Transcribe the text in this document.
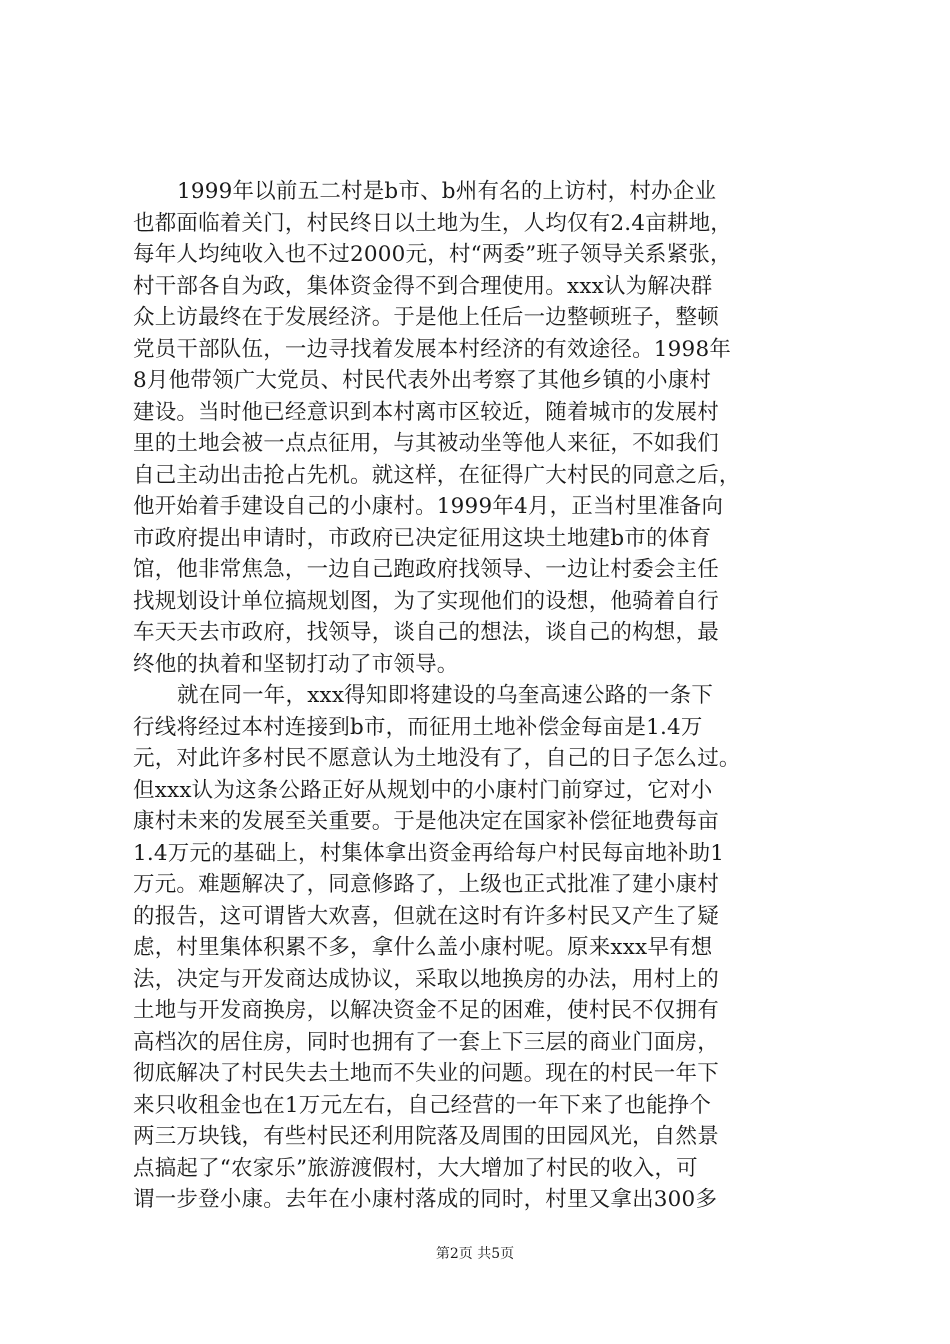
1999年以前五二村是b市、b州有名的上访村，村办企业
也都面临着关门，村民终日以土地为生，人均仅有2.4亩耕地，
每年人均纯收入也不过2000元，村“两委”班子领导关系紧张，
村干部各自为政，集体资金得不到合理使用。xxx认为解决群
众上访最终在于发展经济。于是他上任后一边整顿班子，整顿
党员干部队伍，一边寻找着发展本村经济的有效途径。1998年
8月他带领广大党员、村民代表外出考察了其他乡镇的小康村
建设。当时他已经意识到本村离市区较近，随着城市的发展村
里的土地会被一点点征用，与其被动坐等他人来征，不如我们
自己主动出击抢占先机。就这样，在征得广大村民的同意之后，
他开始着手建设自己的小康村。1999年4月，正当村里准备向
市政府提出申请时，市政府已决定征用这块土地建b市的体育
馆，他非常焦急，一边自己跑政府找领导、一边让村委会主任
找规划设计单位搞规划图，为了实现他们的设想，他骑着自行
车天天去市政府，找领导，谈自己的想法，谈自己的构想，最
终他的执着和坚韧打动了市领导。
就在同一年，xxx得知即将建设的乌奎高速公路的一条下
行线将经过本村连接到b市，而征用土地补偿金每亩是1.4万
元，对此许多村民不愿意认为土地没有了，自己的日子怎么过。
但xxx认为这条公路正好从规划中的小康村门前穿过，它对小
康村未来的发展至关重要。于是他决定在国家补偿征地费每亩
1.4万元的基础上，村集体拿出资金再给每户村民每亩地补助1
万元。难题解决了，同意修路了，上级也正式批准了建小康村
的报告，这可谓皆大欢喜，但就在这时有许多村民又产生了疑
虑，村里集体积累不多，拿什么盖小康村呢。原来xxx早有想
法，决定与开发商达成协议，采取以地换房的办法，用村上的
土地与开发商换房，以解决资金不足的困难，使村民不仅拥有
高档次的居住房，同时也拥有了一套上下三层的商业门面房，
彻底解决了村民失去土地而不失业的问题。现在的村民一年下
来只收租金也在1万元左右，自己经营的一年下来了也能挣个
两三万块钱，有些村民还利用院落及周围的田园风光，自然景
点搞起了“农家乐”旅游渡假村，大大增加了村民的收入，可
谓一步登小康。去年在小康村落成的同时，村里又拿出300多
第2页 共5页
